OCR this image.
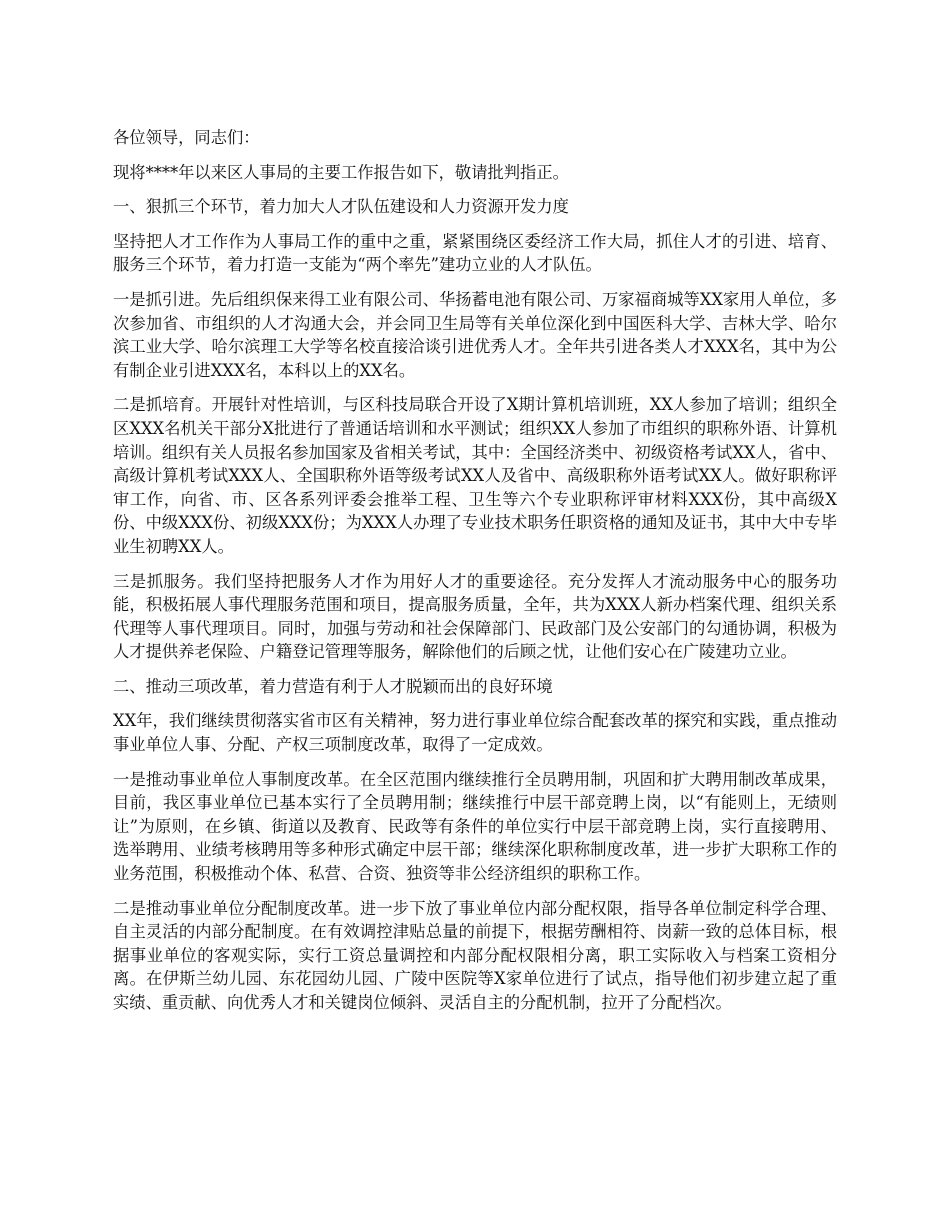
各位领导，同志们：

现将****年以来区人事局的主要工作报告如下，敬请批判指正。

一、狠抓三个环节，着力加大人才队伍建设和人力资源开发力度

坚持把人才工作作为人事局工作的重中之重，紧紧围绕区委经济工作大局，抓住人才的引进、培育、服务三个环节，着力打造一支能为“两个率先”建功立业的人才队伍。

一是抓引进。先后组织保来得工业有限公司、华扬蓄电池有限公司、万家福商城等XX家用人单位，多次参加省、市组织的人才沟通大会，并会同卫生局等有关单位深化到中国医科大学、吉林大学、哈尔滨工业大学、哈尔滨理工大学等名校直接洽谈引进优秀人才。全年共引进各类人才XXX名，其中为公有制企业引进XXX名，本科以上的XX名。

二是抓培育。开展针对性培训，与区科技局联合开设了X期计算机培训班，XX人参加了培训；组织全区XXX名机关干部分X批进行了普通话培训和水平测试；组织XX人参加了市组织的职称外语、计算机培训。组织有关人员报名参加国家及省相关考试，其中：全国经济类中、初级资格考试XX人，省中、高级计算机考试XXX人、全国职称外语等级考试XX人及省中、高级职称外语考试XX人。做好职称评审工作，向省、市、区各系列评委会推举工程、卫生等六个专业职称评审材料XXX份，其中高级X份、中级XXX份、初级XXX份；为XXX人办理了专业技术职务任职资格的通知及证书，其中大中专毕业生初聘XX人。

三是抓服务。我们坚持把服务人才作为用好人才的重要途径。充分发挥人才流动服务中心的服务功能，积极拓展人事代理服务范围和项目，提高服务质量，全年，共为XXX人新办档案代理、组织关系代理等人事代理项目。同时，加强与劳动和社会保障部门、民政部门及公安部门的勾通协调，积极为人才提供养老保险、户籍登记管理等服务，解除他们的后顾之忧，让他们安心在广陵建功立业。

二、推动三项改革，着力营造有利于人才脱颖而出的良好环境

XX年，我们继续贯彻落实省市区有关精神，努力进行事业单位综合配套改革的探究和实践，重点推动事业单位人事、分配、产权三项制度改革，取得了一定成效。

一是推动事业单位人事制度改革。在全区范围内继续推行全员聘用制，巩固和扩大聘用制改革成果，目前，我区事业单位已基本实行了全员聘用制；继续推行中层干部竞聘上岗，以“有能则上，无绩则让”为原则，在乡镇、街道以及教育、民政等有条件的单位实行中层干部竞聘上岗，实行直接聘用、选举聘用、业绩考核聘用等多种形式确定中层干部；继续深化职称制度改革，进一步扩大职称工作的业务范围，积极推动个体、私营、合资、独资等非公经济组织的职称工作。

二是推动事业单位分配制度改革。进一步下放了事业单位内部分配权限，指导各单位制定科学合理、自主灵活的内部分配制度。在有效调控津贴总量的前提下，根据劳酬相符、岗薪一致的总体目标，根据事业单位的客观实际，实行工资总量调控和内部分配权限相分离，职工实际收入与档案工资相分离。在伊斯兰幼儿园、东花园幼儿园、广陵中医院等X家单位进行了试点，指导他们初步建立起了重实绩、重贡献、向优秀人才和关键岗位倾斜、灵活自主的分配机制，拉开了分配档次。
